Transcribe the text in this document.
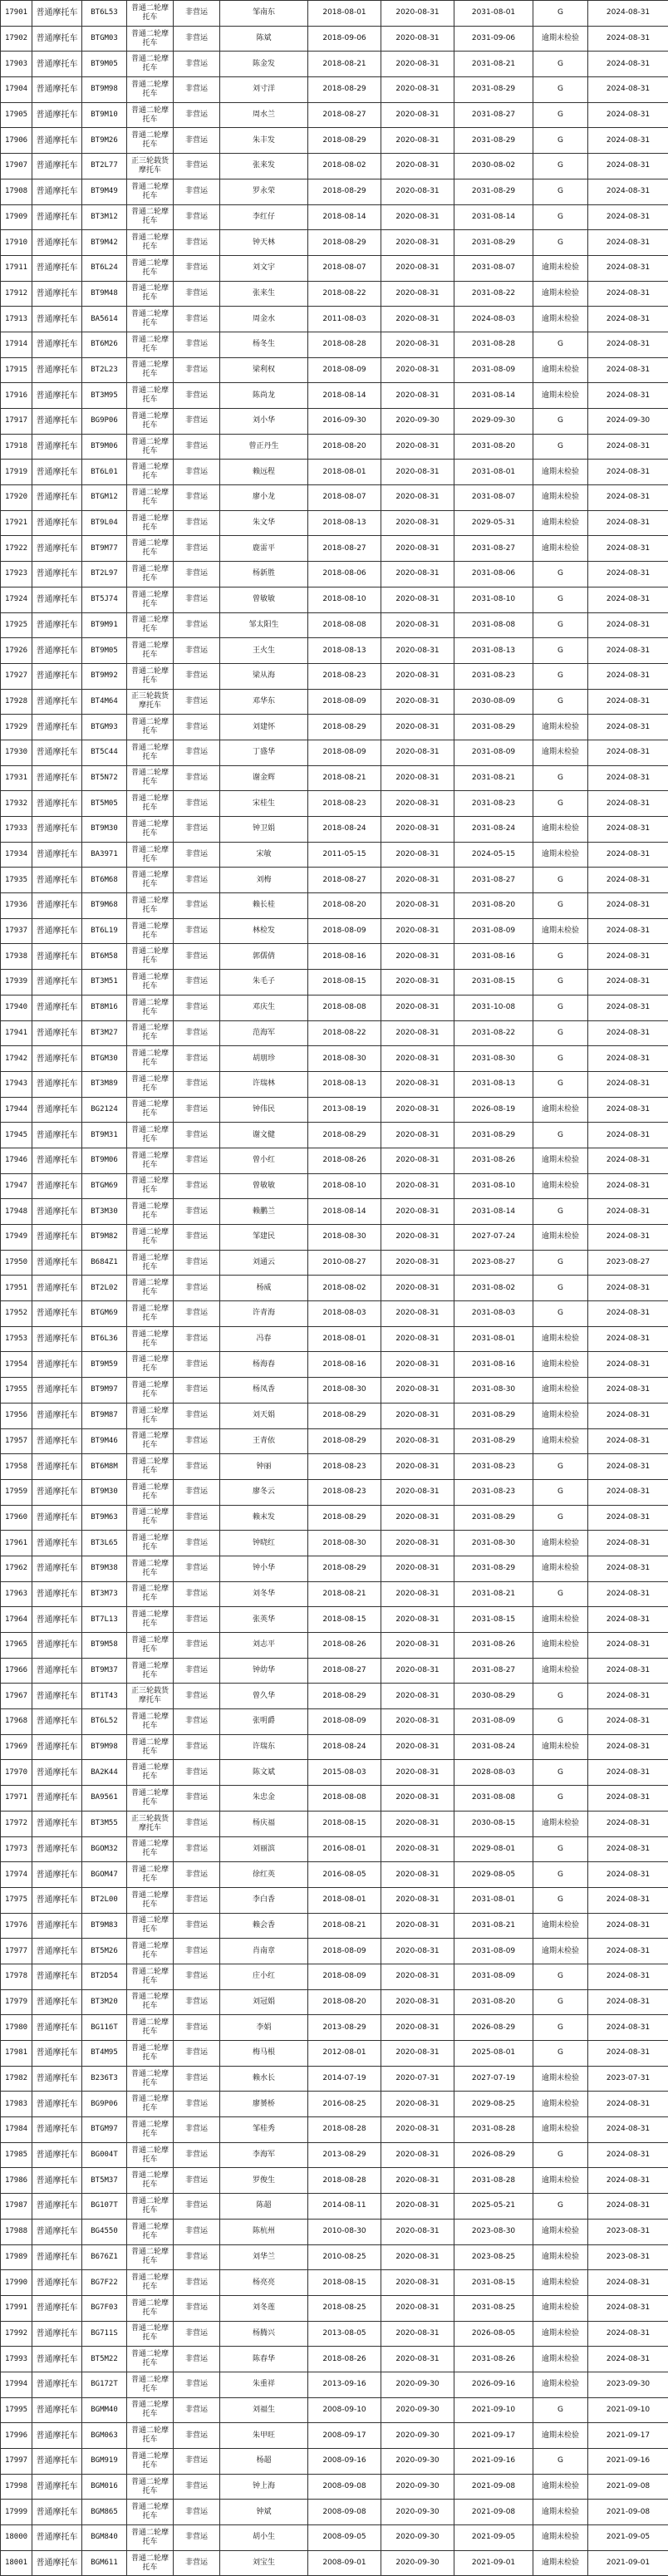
17901	普通摩托车	BT6L53	普通二轮摩托车	非营运	邹南东	2018-08-01	2020-08-31	2031-08-01	G	2024-08-31
17902	普通摩托车	BTGM03	普通二轮摩托车	非营运	陈斌	2018-09-06	2020-08-31	2031-09-06	逾期未检验	2024-08-31
17903	普通摩托车	BT9M05	普通二轮摩托车	非营运	陈金发	2018-08-21	2020-08-31	2031-08-21	G	2024-08-31
17904	普通摩托车	BT9M98	普通二轮摩托车	非营运	刘寸洋	2018-08-29	2020-08-31	2031-08-29	G	2024-08-31
17905	普通摩托车	BT9M10	普通二轮摩托车	非营运	周水兰	2018-08-27	2020-08-31	2031-08-27	G	2024-08-31
17906	普通摩托车	BT9M26	普通二轮摩托车	非营运	朱丰发	2018-08-29	2020-08-31	2031-08-29	G	2024-08-31
17907	普通摩托车	BT2L77	正三轮载货摩托车	非营运	张来发	2018-08-02	2020-08-31	2030-08-02	G	2024-08-31
17908	普通摩托车	BT9M49	普通二轮摩托车	非营运	罗永荣	2018-08-29	2020-08-31	2031-08-29	G	2024-08-31
17909	普通摩托车	BT3M12	普通二轮摩托车	非营运	李红仔	2018-08-14	2020-08-31	2031-08-14	G	2024-08-31
17910	普通摩托车	BT9M42	普通二轮摩托车	非营运	钟天林	2018-08-29	2020-08-31	2031-08-29	G	2024-08-31
17911	普通摩托车	BT6L24	普通二轮摩托车	非营运	刘文宇	2018-08-07	2020-08-31	2031-08-07	逾期未检验	2024-08-31
17912	普通摩托车	BT9M48	普通二轮摩托车	非营运	张来生	2018-08-22	2020-08-31	2031-08-22	逾期未检验	2024-08-31
17913	普通摩托车	BA5614	普通二轮摩托车	非营运	周金水	2011-08-03	2020-08-31	2024-08-03	逾期未检验	2024-08-31
17914	普通摩托车	BT6M26	普通二轮摩托车	非营运	杨冬生	2018-08-28	2020-08-31	2031-08-28	G	2024-08-31
17915	普通摩托车	BT2L23	普通二轮摩托车	非营运	梁利权	2018-08-09	2020-08-31	2031-08-09	逾期未检验	2024-08-31
17916	普通摩托车	BT3M95	普通二轮摩托车	非营运	陈尚龙	2018-08-14	2020-08-31	2031-08-14	逾期未检验	2024-08-31
17917	普通摩托车	BG9P06	普通二轮摩托车	非营运	刘小华	2016-09-30	2020-09-30	2029-09-30	G	2024-09-30
17918	普通摩托车	BT9M06	普通二轮摩托车	非营运	曾正丹生	2018-08-20	2020-08-31	2031-08-20	G	2024-08-31
17919	普通摩托车	BT6L01	普通二轮摩托车	非营运	赖远程	2018-08-01	2020-08-31	2031-08-01	逾期未检验	2024-08-31
17920	普通摩托车	BTGM12	普通二轮摩托车	非营运	廖小龙	2018-08-07	2020-08-31	2031-08-07	逾期未检验	2024-08-31
17921	普通摩托车	BT9L04	普通二轮摩托车	非营运	朱文华	2018-08-13	2020-08-31	2029-05-31	逾期未检验	2024-08-31
17922	普通摩托车	BT9M77	普通二轮摩托车	非营运	鹿雷平	2018-08-27	2020-08-31	2031-08-27	逾期未检验	2024-08-31
17923	普通摩托车	BT2L97	普通二轮摩托车	非营运	杨新胜	2018-08-06	2020-08-31	2031-08-06	G	2024-08-31
17924	普通摩托车	BT5J74	普通二轮摩托车	非营运	曾敏敏	2018-08-10	2020-08-31	2031-08-10	G	2024-08-31
17925	普通摩托车	BT9M91	普通二轮摩托车	非营运	邹太阳生	2018-08-08	2020-08-31	2031-08-08	G	2024-08-31
17926	普通摩托车	BT9M05	普通二轮摩托车	非营运	王火生	2018-08-13	2020-08-31	2031-08-13	G	2024-08-31
17927	普通摩托车	BT9M92	普通二轮摩托车	非营运	梁从海	2018-08-23	2020-08-31	2031-08-23	G	2024-08-31
17928	普通摩托车	BT4M64	正三轮载货摩托车	非营运	邓华东	2018-08-09	2020-08-31	2030-08-09	G	2024-08-31
17929	普通摩托车	BTGM93	普通二轮摩托车	非营运	刘建怀	2018-08-29	2020-08-31	2031-08-29	逾期未检验	2024-08-31
17930	普通摩托车	BT5C44	普通二轮摩托车	非营运	丁盛华	2018-08-09	2020-08-31	2031-08-09	逾期未检验	2024-08-31
17931	普通摩托车	BT5N72	普通二轮摩托车	非营运	谢金辉	2018-08-21	2020-08-31	2031-08-21	G	2024-08-31
17932	普通摩托车	BT5M05	普通二轮摩托车	非营运	宋桂生	2018-08-23	2020-08-31	2031-08-23	G	2024-08-31
17933	普通摩托车	BT9M30	普通二轮摩托车	非营运	钟卫娟	2018-08-24	2020-08-31	2031-08-24	逾期未检验	2024-08-31
17934	普通摩托车	BA3971	普通二轮摩托车	非营运	宋敏	2011-05-15	2020-08-31	2024-05-15	逾期未检验	2024-08-31
17935	普通摩托车	BT6M68	普通二轮摩托车	非营运	刘梅	2018-08-27	2020-08-31	2031-08-27	G	2024-08-31
17936	普通摩托车	BT9M68	普通二轮摩托车	非营运	赖长桂	2018-08-20	2020-08-31	2031-08-20	G	2024-08-31
17937	普通摩托车	BT6L19	普通二轮摩托车	非营运	林检发	2018-08-09	2020-08-31	2031-08-09	逾期未检验	2024-08-31
17938	普通摩托车	BT6M58	普通二轮摩托车	非营运	郭儒倩	2018-08-16	2020-08-31	2031-08-16	G	2024-08-31
17939	普通摩托车	BT3M51	普通二轮摩托车	非营运	朱毛子	2018-08-15	2020-08-31	2031-08-15	G	2024-08-31
17940	普通摩托车	BT8M16	普通二轮摩托车	非营运	邓庆生	2018-08-08	2020-08-31	2031-10-08	G	2024-08-31
17941	普通摩托车	BT3M27	普通二轮摩托车	非营运	范海军	2018-08-22	2020-08-31	2031-08-22	G	2024-08-31
17942	普通摩托车	BTGM30	普通二轮摩托车	非营运	胡朋珍	2018-08-30	2020-08-31	2031-08-30	G	2024-08-31
17943	普通摩托车	BT3M89	普通二轮摩托车	非营运	许瑞林	2018-08-13	2020-08-31	2031-08-13	G	2024-08-31
17944	普通摩托车	BG2124	普通二轮摩托车	非营运	钟伟民	2013-08-19	2020-08-31	2026-08-19	逾期未检验	2024-08-31
17945	普通摩托车	BT9M31	普通二轮摩托车	非营运	谢文健	2018-08-29	2020-08-31	2031-08-29	G	2024-08-31
17946	普通摩托车	BT9M06	普通二轮摩托车	非营运	曾小红	2018-08-26	2020-08-31	2031-08-26	逾期未检验	2024-08-31
17947	普通摩托车	BTGM69	普通二轮摩托车	非营运	曾敏敏	2018-08-10	2020-08-31	2031-08-10	逾期未检验	2024-08-31
17948	普通摩托车	BT3M30	普通二轮摩托车	非营运	赖鹏兰	2018-08-14	2020-08-31	2031-08-14	G	2024-08-31
17949	普通摩托车	BT9M82	普通二轮摩托车	非营运	邹建民	2018-08-30	2020-08-31	2027-07-24	逾期未检验	2024-08-31
17950	普通摩托车	B684Z1	普通二轮摩托车	非营运	刘通云	2010-08-27	2020-08-31	2023-08-27	G	2023-08-27
17951	普通摩托车	BT2L02	普通二轮摩托车	非营运	杨威	2018-08-02	2020-08-31	2031-08-02	G	2024-08-31
17952	普通摩托车	BTGM69	普通二轮摩托车	非营运	许青海	2018-08-03	2020-08-31	2031-08-03	G	2024-08-31
17953	普通摩托车	BT6L36	普通二轮摩托车	非营运	冯春	2018-08-01	2020-08-31	2031-08-01	逾期未检验	2024-08-31
17954	普通摩托车	BT9M59	普通二轮摩托车	非营运	杨海春	2018-08-16	2020-08-31	2031-08-16	逾期未检验	2024-08-31
17955	普通摩托车	BT9M97	普通二轮摩托车	非营运	杨凤香	2018-08-30	2020-08-31	2031-08-30	逾期未检验	2024-08-31
17956	普通摩托车	BT9M87	普通二轮摩托车	非营运	刘天娟	2018-08-29	2020-08-31	2031-08-29	逾期未检验	2024-08-31
17957	普通摩托车	BT9M46	普通二轮摩托车	非营运	王青依	2018-08-29	2020-08-31	2031-08-29	逾期未检验	2024-08-31
17958	普通摩托车	BT6M8M	普通二轮摩托车	非营运	钟丽	2018-08-23	2020-08-31	2031-08-23	G	2024-08-31
17959	普通摩托车	BT9M30	普通二轮摩托车	非营运	廖冬云	2018-08-23	2020-08-31	2031-08-23	G	2024-08-31
17960	普通摩托车	BT9M63	普通二轮摩托车	非营运	赖末发	2018-08-29	2020-08-31	2031-08-29	G	2024-08-31
17961	普通摩托车	BT3L65	普通二轮摩托车	非营运	钟晓红	2018-08-30	2020-08-31	2031-08-30	逾期未检验	2024-08-31
17962	普通摩托车	BT9M38	普通二轮摩托车	非营运	钟小华	2018-08-29	2020-08-31	2031-08-29	逾期未检验	2024-08-31
17963	普通摩托车	BT3M73	普通二轮摩托车	非营运	刘冬华	2018-08-21	2020-08-31	2031-08-21	G	2024-08-31
17964	普通摩托车	BT7L13	普通二轮摩托车	非营运	张英华	2018-08-15	2020-08-31	2031-08-15	逾期未检验	2024-08-31
17965	普通摩托车	BT9M58	普通二轮摩托车	非营运	刘志平	2018-08-26	2020-08-31	2031-08-26	逾期未检验	2024-08-31
17966	普通摩托车	BT9M37	普通二轮摩托车	非营运	钟幼华	2018-08-27	2020-08-31	2031-08-27	逾期未检验	2024-08-31
17967	普通摩托车	BT1T43	正三轮载货摩托车	非营运	曾久华	2018-08-29	2020-08-31	2030-08-29	G	2024-08-31
17968	普通摩托车	BT6L52	普通二轮摩托车	非营运	张明爵	2018-08-09	2020-08-31	2031-08-09	G	2024-08-31
17969	普通摩托车	BT9M98	普通二轮摩托车	非营运	许瑞东	2018-08-24	2020-08-31	2031-08-24	逾期未检验	2024-08-31
17970	普通摩托车	BA2K44	普通二轮摩托车	非营运	陈文斌	2015-08-03	2020-08-31	2028-08-03	G	2024-08-31
17971	普通摩托车	BA9561	普通二轮摩托车	非营运	朱忠金	2018-08-08	2020-08-31	2031-08-08	G	2024-08-31
17972	普通摩托车	BT3M55	正三轮载货摩托车	非营运	杨庆福	2018-08-15	2020-08-31	2030-08-15	逾期未检验	2024-08-31
17973	普通摩托车	BGOM32	普通二轮摩托车	非营运	刘丽滨	2016-08-01	2020-08-31	2029-08-01	G	2024-08-31
17974	普通摩托车	BGOM47	普通二轮摩托车	非营运	徐红英	2016-08-05	2020-08-31	2029-08-05	G	2024-08-31
17975	普通摩托车	BT2L00	普通二轮摩托车	非营运	李白香	2018-08-01	2020-08-31	2031-08-01	G	2024-08-31
17976	普通摩托车	BT9M83	普通二轮摩托车	非营运	赖会香	2018-08-21	2020-08-31	2031-08-21	逾期未检验	2024-08-31
17977	普通摩托车	BT5M26	普通二轮摩托车	非营运	肖南章	2018-08-09	2020-08-31	2031-08-09	逾期未检验	2024-08-31
17978	普通摩托车	BT2D54	普通二轮摩托车	非营运	庄小红	2018-08-09	2020-08-31	2031-08-09	G	2024-08-31
17979	普通摩托车	BT3M20	普通二轮摩托车	非营运	刘冠娟	2018-08-20	2020-08-31	2031-08-20	G	2024-08-31
17980	普通摩托车	BG116T	普通二轮摩托车	非营运	李娟	2013-08-29	2020-08-31	2026-08-29	G	2024-08-31
17981	普通摩托车	BT4M95	普通二轮摩托车	非营运	梅马根	2012-08-01	2020-08-31	2025-08-01	G	2024-08-31
17982	普通摩托车	B236T3	普通二轮摩托车	非营运	赖水长	2014-07-19	2020-07-31	2027-07-19	逾期未检验	2023-07-31
17983	普通摩托车	BG9P06	普通二轮摩托车	非营运	廖赟桥	2016-08-25	2020-08-31	2029-08-25	逾期未检验	2024-08-31
17984	普通摩托车	BTGM97	普通二轮摩托车	非营运	邹桂秀	2018-08-28	2020-08-31	2031-08-28	逾期未检验	2024-08-31
17985	普通摩托车	BG004T	普通二轮摩托车	非营运	李海军	2013-08-29	2020-08-31	2026-08-29	G	2024-08-31
17986	普通摩托车	BT5M37	普通二轮摩托车	非营运	罗俊生	2018-08-28	2020-08-31	2031-08-28	逾期未检验	2024-08-31
17987	普通摩托车	BG107T	普通二轮摩托车	非营运	陈超	2014-08-11	2020-08-31	2025-05-21	G	2024-08-31
17988	普通摩托车	BG4550	普通二轮摩托车	非营运	陈杭州	2010-08-30	2020-08-31	2023-08-30	逾期未检验	2023-08-31
17989	普通摩托车	B676Z1	普通二轮摩托车	非营运	刘华兰	2010-08-25	2020-08-31	2023-08-25	逾期未检验	2023-08-31
17990	普通摩托车	BG7F22	普通二轮摩托车	非营运	杨亮亮	2018-08-15	2020-08-31	2031-08-15	逾期未检验	2024-08-31
17991	普通摩托车	BG7F03	普通二轮摩托车	非营运	刘冬莲	2018-08-25	2020-08-31	2031-08-25	逾期未检验	2024-08-31
17992	普通摩托车	BG711S	普通二轮摩托车	非营运	杨腾兴	2013-08-05	2020-08-31	2026-08-05	逾期未检验	2024-08-31
17993	普通摩托车	BT5M22	普通二轮摩托车	非营运	陈春华	2018-08-26	2020-08-31	2031-08-26	逾期未检验	2024-08-31
17994	普通摩托车	BG172T	普通二轮摩托车	非营运	朱重祥	2013-09-16	2020-09-30	2026-09-16	逾期未检验	2023-09-30
17995	普通摩托车	BGMM40	普通二轮摩托车	非营运	刘福生	2008-09-10	2020-09-30	2021-09-10	G	2021-09-10
17996	普通摩托车	BGM063	普通二轮摩托车	非营运	朱甲旺	2008-09-17	2020-09-30	2021-09-17	逾期未检验	2021-09-17
17997	普通摩托车	BGM919	普通二轮摩托车	非营运	杨超	2008-09-16	2020-09-30	2021-09-16	G	2021-09-16
17998	普通摩托车	BGM016	普通二轮摩托车	非营运	钟上海	2008-09-08	2020-09-30	2021-09-08	逾期未检验	2021-09-08
17999	普通摩托车	BGM865	普通二轮摩托车	非营运	钟斌	2008-09-08	2020-09-30	2021-09-08	逾期未检验	2021-09-08
18000	普通摩托车	BGM840	普通二轮摩托车	非营运	胡小生	2008-09-05	2020-09-30	2021-09-05	逾期未检验	2021-09-05
18001	普通摩托车	BGM611	普通二轮摩托车	非营运	刘宝生	2008-09-01	2020-09-30	2021-09-01	逾期未检验	2021-09-01
